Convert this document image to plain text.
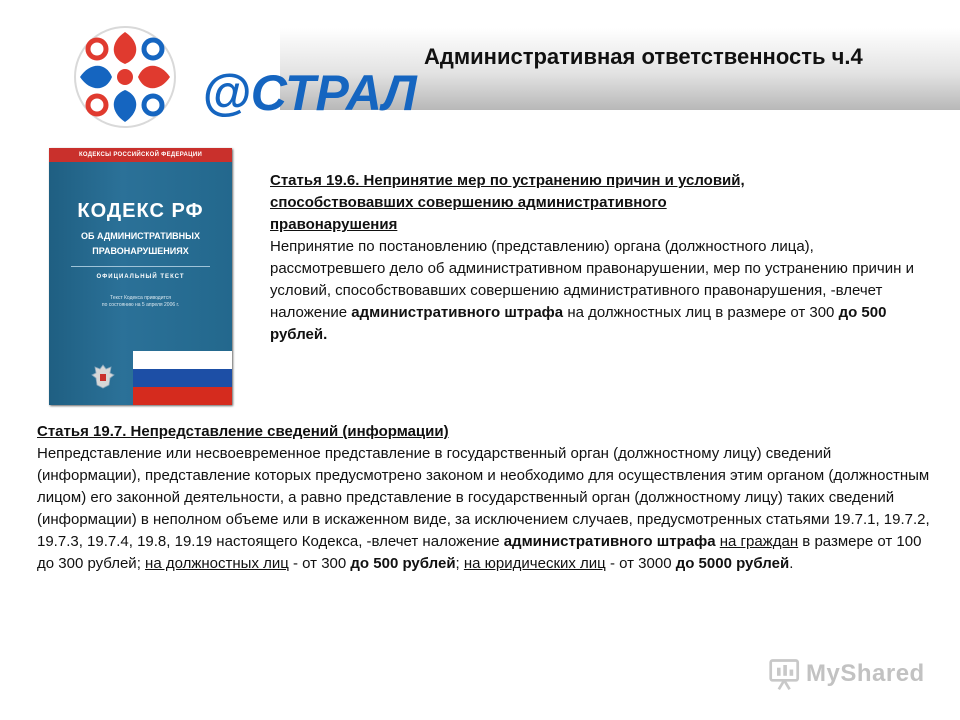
@СТРАЛ
Административная ответственность ч.4
КОДЕКСЫ РОССИЙСКОЙ ФЕДЕРАЦИИ
КОДЕКС РФ
ОБ АДМИНИСТРАТИВНЫХ
ПРАВОНАРУШЕНИЯХ
ОФИЦИАЛЬНЫЙ ТЕКСТ
Текст Кодекса приводится
по состоянию на 5 апреля 2006 г.
Статья 19.6. Непринятие мер по устранению причин и условий,
способствовавших совершению административного
правонарушения
Непринятие по постановлению (представлению) органа (должностного лица), рассмотревшего дело об административном правонарушении, мер по устранению причин и условий, способствовавших совершению административного правонарушения, -влечет наложение административного штрафа на должностных лиц в размере от 300 до 500 рублей.
Статья 19.7. Непредставление сведений (информации)
Непредставление или несвоевременное представление в государственный орган (должностному лицу) сведений (информации), представление которых предусмотрено законом и необходимо для осуществления этим органом (должностным лицом) его законной деятельности, а равно представление в государственный орган (должностному лицу) таких сведений (информации) в неполном объеме или в искаженном виде, за исключением случаев, предусмотренных статьями 19.7.1, 19.7.2, 19.7.3, 19.7.4, 19.8, 19.19 настоящего Кодекса, -влечет наложение административного штрафа на граждан в размере от 100 до 300 рублей; на должностных лиц - от 300 до 500 рублей; на юридических лиц - от 3000 до 5000 рублей.
MyShared
